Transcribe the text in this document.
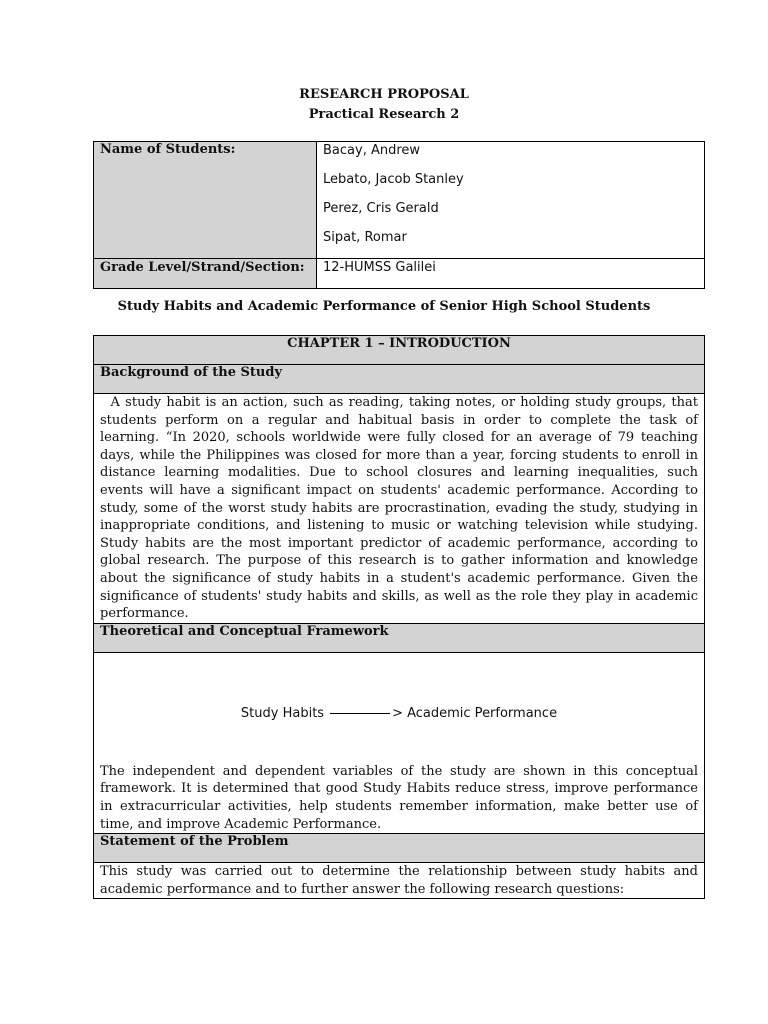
RESEARCH PROPOSAL
Practical Research 2
Name of Students:	Bacay, Andrew
Lebato, Jacob Stanley
Perez, Cris Gerald
Sipat, Romar

Grade Level/Strand/Section:	12-HUMSS Galilei
Study Habits and Academic Performance of Senior High School Students
CHAPTER 1 – INTRODUCTION
Background of the Study

A study habit is an action, such as reading, taking notes, or holding study groups, that students perform on a regular and habitual basis in order to complete the task of learning. “In 2020, schools worldwide were fully closed for an average of 79 teaching days, while the Philippines was closed for more than a year, forcing students to enroll in distance learning modalities. Due to school closures and learning inequalities, such events will have a significant impact on students' academic performance. According to study, some of the worst study habits are procrastination, evading the study, studying in inappropriate conditions, and listening to music or watching television while studying. Study habits are the most important predictor of academic performance, according to global research. The purpose of this research is to gather information and knowledge about the significance of study habits in a student's academic performance. Given the significance of students' study habits and skills, as well as the role they play in academic performance.

Theoretical and Conceptual Framework

Study Habits	> Academic Performance

The independent and dependent variables of the study are shown in this conceptual framework. It is determined that good Study Habits reduce stress, improve performance in extracurricular activities, help students remember information, make better use of time, and improve Academic Performance.

Statement of the Problem

This study was carried out to determine the relationship between study habits and academic performance and to further answer the following research questions:
